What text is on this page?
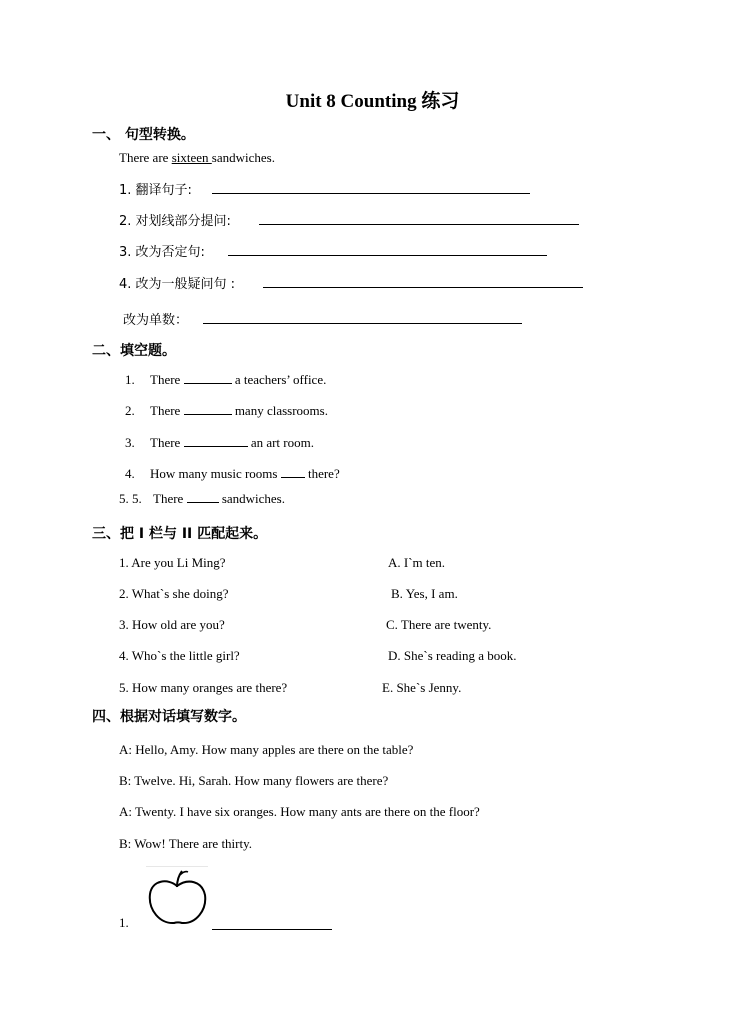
Unit 8 Counting 练习
一、 句型转换。
There are sixteen sandwiches.
1. 翻译句子:
2. 对划线部分提问:
3. 改为否定句:
4. 改为一般疑问句 :
改为单数：
二、填空题。
1. There	a teachers’ office.
2. There	many classrooms.
3. There	an art room.
4. How many music rooms  there?
5. 5. There	sandwiches.
三、把 I 栏与 II 匹配起来。
1. Are you Li Ming?	A. I`m ten.
2. What`s she doing?	B. Yes, I am.
3. How old are you?	C. There are twenty.
4. Who`s the little girl?	D. She`s reading a book.
5. How many oranges are there?	E. She`s Jenny.
四、根据对话填写数字。
A: Hello, Amy. How many apples are there on the table?
B: Twelve. Hi, Sarah. How many flowers are there?
A: Twenty. I have six oranges. How many ants are there on the floor?
B: Wow! There are thirty.
1.
